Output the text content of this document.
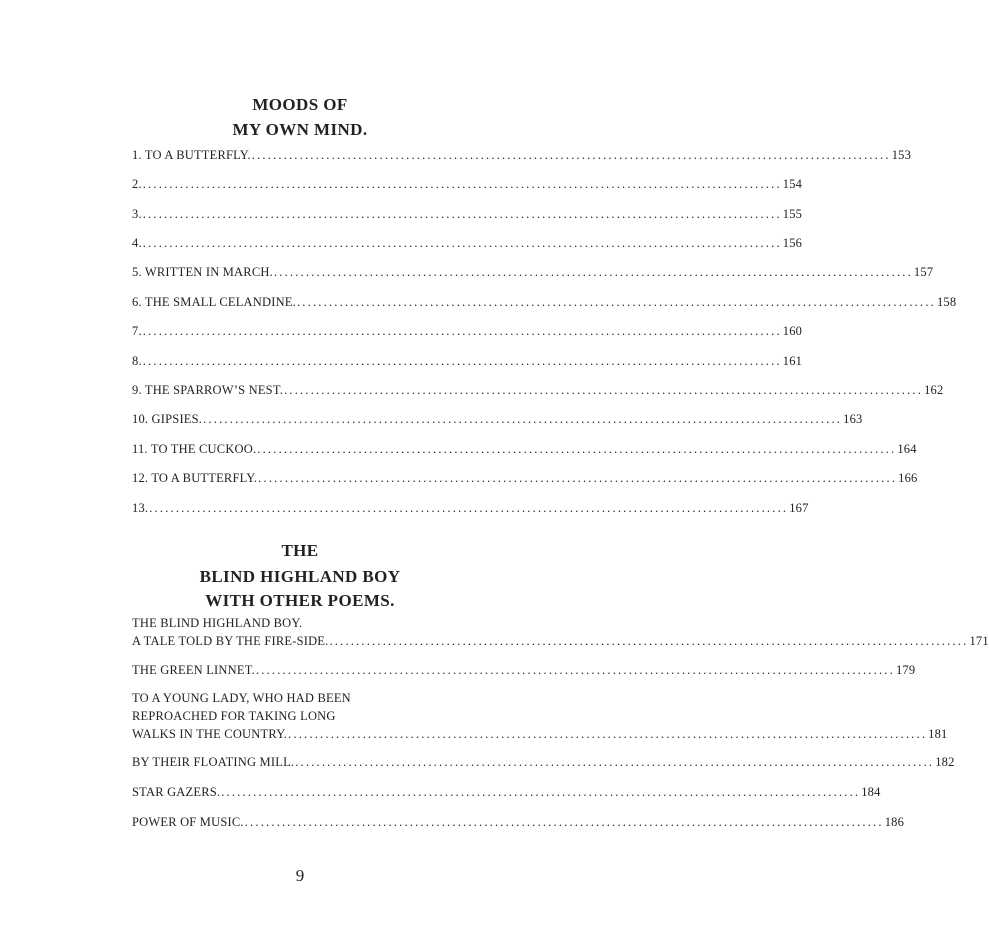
MOODS OF
MY OWN MIND.
1. TO A BUTTERFLY. ........................................................................................................................ 153
2. ........................................................................................................................ 154
3. ........................................................................................................................ 155
4. ........................................................................................................................ 156
5. WRITTEN IN MARCH. ........................................................................................................................ 157
6. THE SMALL CELANDINE. ........................................................................................................................ 158
7. ........................................................................................................................ 160
8. ........................................................................................................................ 161
9. THE SPARROW’S NEST. ........................................................................................................................ 162
10. GIPSIES. ........................................................................................................................ 163
11. TO THE CUCKOO. ........................................................................................................................ 164
12. TO A BUTTERFLY. ........................................................................................................................ 166
13. ........................................................................................................................ 167
THE
BLIND HIGHLAND BOY
WITH OTHER POEMS.
THE BLIND HIGHLAND BOY.
A TALE TOLD BY THE FIRE-SIDE. ........................................................................................................................ 171
THE GREEN LINNET. ........................................................................................................................ 179
TO A YOUNG LADY, WHO HAD BEEN
REPROACHED FOR TAKING LONG
WALKS IN THE COUNTRY. ........................................................................................................................ 181
BY THEIR FLOATING MILL. ........................................................................................................................ 182
STAR GAZERS. ........................................................................................................................ 184
POWER OF MUSIC. ........................................................................................................................ 186
9
